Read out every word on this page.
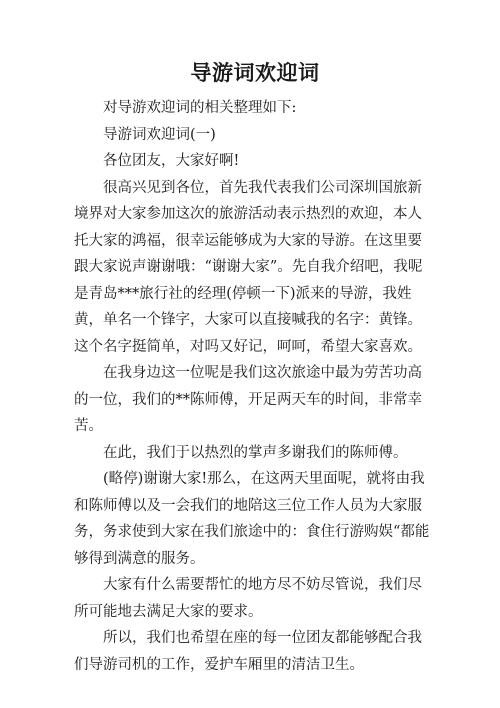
导游词欢迎词

对导游欢迎词的相关整理如下:

导游词欢迎词(一)

各位团友，大家好啊!

很高兴见到各位，首先我代表我们公司深圳国旅新境界对大家参加这次的旅游活动表示热烈的欢迎，本人托大家的鸿福，很幸运能够成为大家的导游。在这里要跟大家说声谢谢哦：“谢谢大家”。先自我介绍吧，我呢是青岛***旅行社的经理(停顿一下)派来的导游，我姓黄，单名一个锋字，大家可以直接喊我的名字：黄锋。这个名字挺简单，对吗又好记，呵呵，希望大家喜欢。

在我身边这一位呢是我们这次旅途中最为劳苦功高的一位，我们的**陈师傅，开足两天车的时间，非常幸苦。

在此，我们于以热烈的掌声多谢我们的陈师傅。

(略停)谢谢大家!那么，在这两天里面呢，就将由我和陈师傅以及一会我们的地陪这三位工作人员为大家服务，务求使到大家在我们旅途中的：食住行游购娱“都能够得到满意的服务。

大家有什么需要帮忙的地方尽不妨尽管说，我们尽所可能地去满足大家的要求。

所以，我们也希望在座的每一位团友都能够配合我们导游司机的工作，爱护车厢里的清洁卫生。
